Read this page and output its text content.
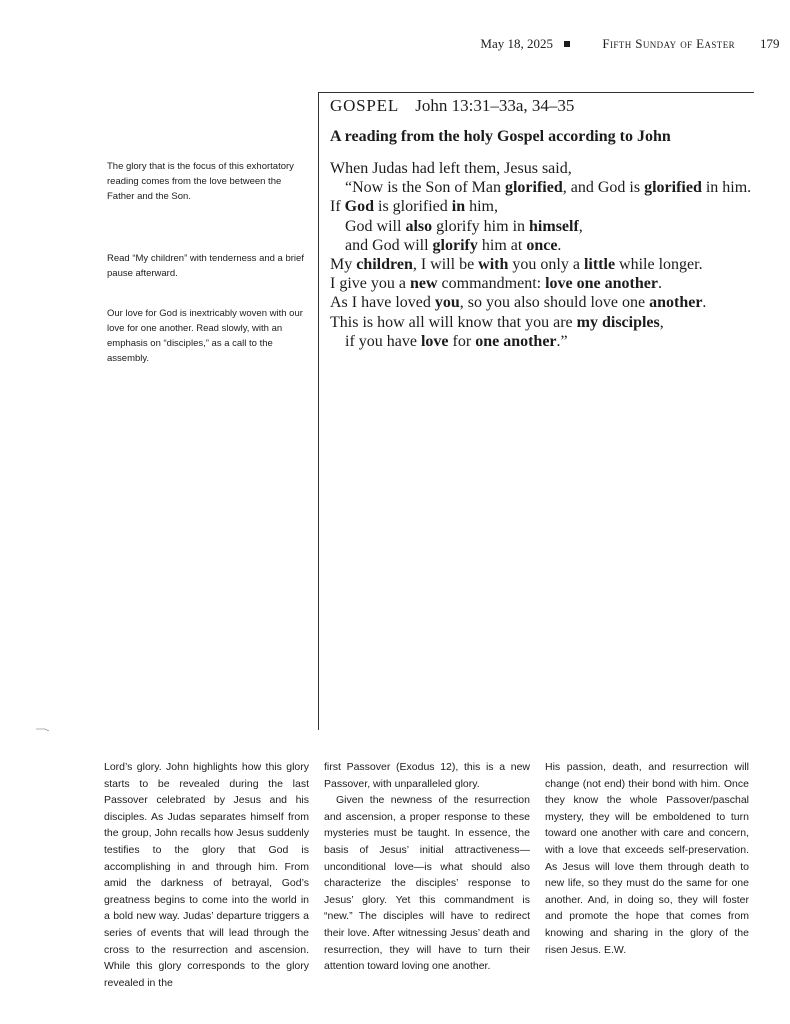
May 18, 2025	Fifth Sunday of Easter 179
GOSPEL John 13:31–33a, 34–35
A reading from the holy Gospel according to John
When Judas had left them, Jesus said,
“Now is the Son of Man glorified, and God is glorified in him.
If God is glorified in him,
God will also glorify him in himself,
and God will glorify him at once.
My children, I will be with you only a little while longer.
I give you a new commandment: love one another.
As I have loved you, so you also should love one another.
This is how all will know that you are my disciples,
if you have love for one another.”
The glory that is the focus of this exhortatory reading comes from the love between the Father and the Son.
Read “My children” with tenderness and a brief pause afterward.
Our love for God is inextricably woven with our love for one another. Read slowly, with an emphasis on “disciples,” as a call to the assembly.

Lord’s glory. John highlights how this glory starts to be revealed during the last Passover celebrated by Jesus and his disciples. As Judas separates himself from the group, John recalls how Jesus suddenly testifies to the glory that God is accomplishing in and through him. From amid the darkness of betrayal, God’s greatness begins to come into the world in a bold new way. Judas’ departure triggers a series of events that will lead through the cross to the resurrection and ascension. While this glory corresponds to the glory revealed in the

first Passover (Exodus 12), this is a new Passover, with unparalleled glory.

Given the newness of the resurrection and ascension, a proper response to these mysteries must be taught. In essence, the basis of Jesus’ initial attractiveness—unconditional love—is what should also characterize the disciples’ response to Jesus’ glory. Yet this commandment is “new.” The disciples will have to redirect their love. After witnessing Jesus’ death and resurrection, they will have to turn their attention toward loving one another.

His passion, death, and resurrection will change (not end) their bond with him. Once they know the whole Passover/paschal mystery, they will be emboldened to turn toward one another with care and concern, with a love that exceeds self-preservation. As Jesus will love them through death to new life, so they must do the same for one another. And, in doing so, they will foster and promote the hope that comes from knowing and sharing in the glory of the risen Jesus. E.W.
